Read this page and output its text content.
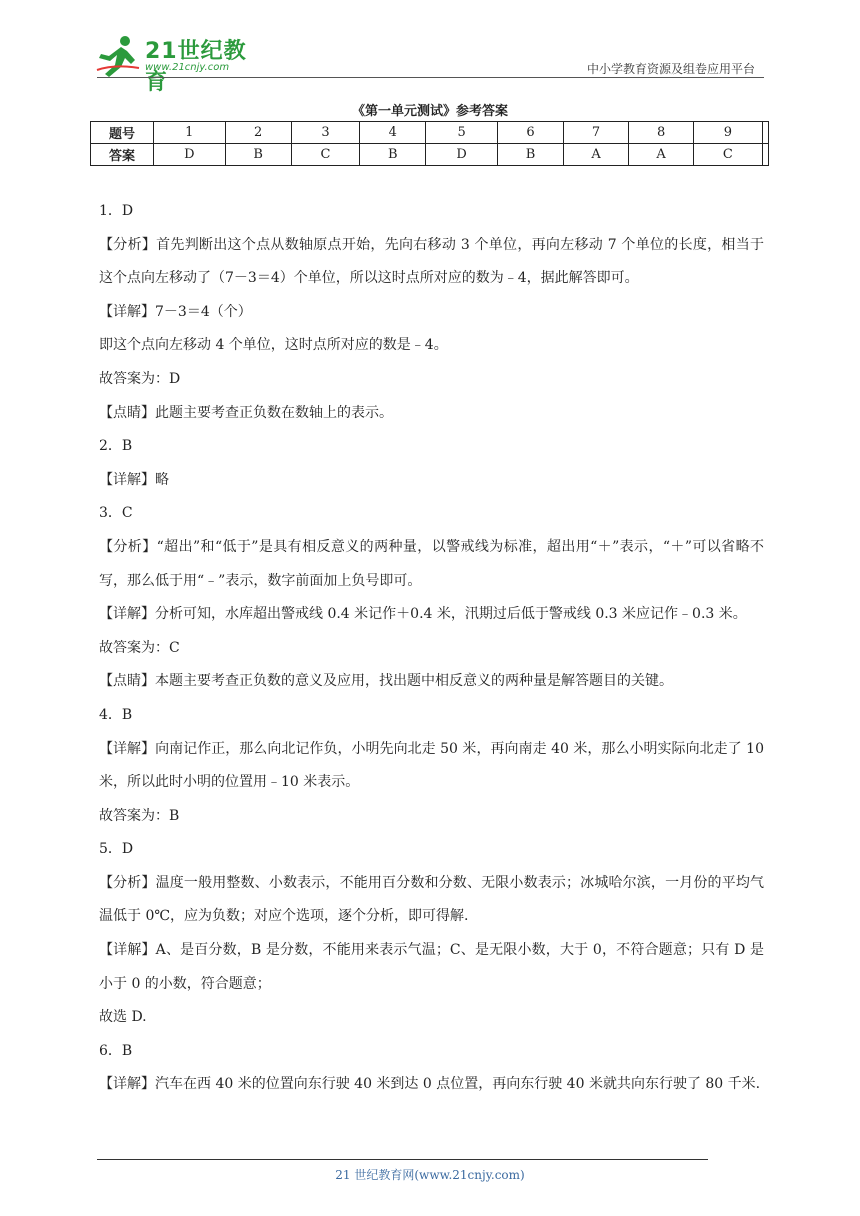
21世纪教育
www.21cnjy.com	中小学教育资源及组卷应用平台
《第一单元测试》参考答案
题号	1	2	3	4	5	6	7	8	9	
答案	D	B	C	B	D	B	A	A	C	
1．D
【分析】首先判断出这个点从数轴原点开始，先向右移动 3 个单位，再向左移动 7 个单位的长度，相当于这个点向左移动了（7－3＝4）个单位，所以这时点所对应的数为﹣4，据此解答即可。
【详解】7－3＝4（个）
即这个点向左移动 4 个单位，这时点所对应的数是﹣4。
故答案为：D
【点睛】此题主要考查正负数在数轴上的表示。
2．B
【详解】略
3．C
【分析】“超出”和“低于”是具有相反意义的两种量，以警戒线为标准，超出用“＋”表示，“＋”可以省略不写，那么低于用“﹣”表示，数字前面加上负号即可。
【详解】分析可知，水库超出警戒线 0.4 米记作＋0.4 米，汛期过后低于警戒线 0.3 米应记作﹣0.3 米。
故答案为：C
【点睛】本题主要考查正负数的意义及应用，找出题中相反意义的两种量是解答题目的关键。
4．B
【详解】向南记作正，那么向北记作负，小明先向北走 50 米，再向南走 40 米，那么小明实际向北走了 10 米，所以此时小明的位置用﹣10 米表示。
故答案为：B
5．D
【分析】温度一般用整数、小数表示，不能用百分数和分数、无限小数表示；冰城哈尔滨，一月份的平均气温低于 0℃，应为负数；对应个选项，逐个分析，即可得解.
【详解】A、是百分数，B 是分数，不能用来表示气温；C、是无限小数，大于 0，不符合题意；只有 D 是小于 0 的小数，符合题意；
故选 D.
6．B
【详解】汽车在西 40 米的位置向东行驶 40 米到达 0 点位置，再向东行驶 40 米就共向东行驶了 80 千米.
21 世纪教育网(www.21cnjy.com)
